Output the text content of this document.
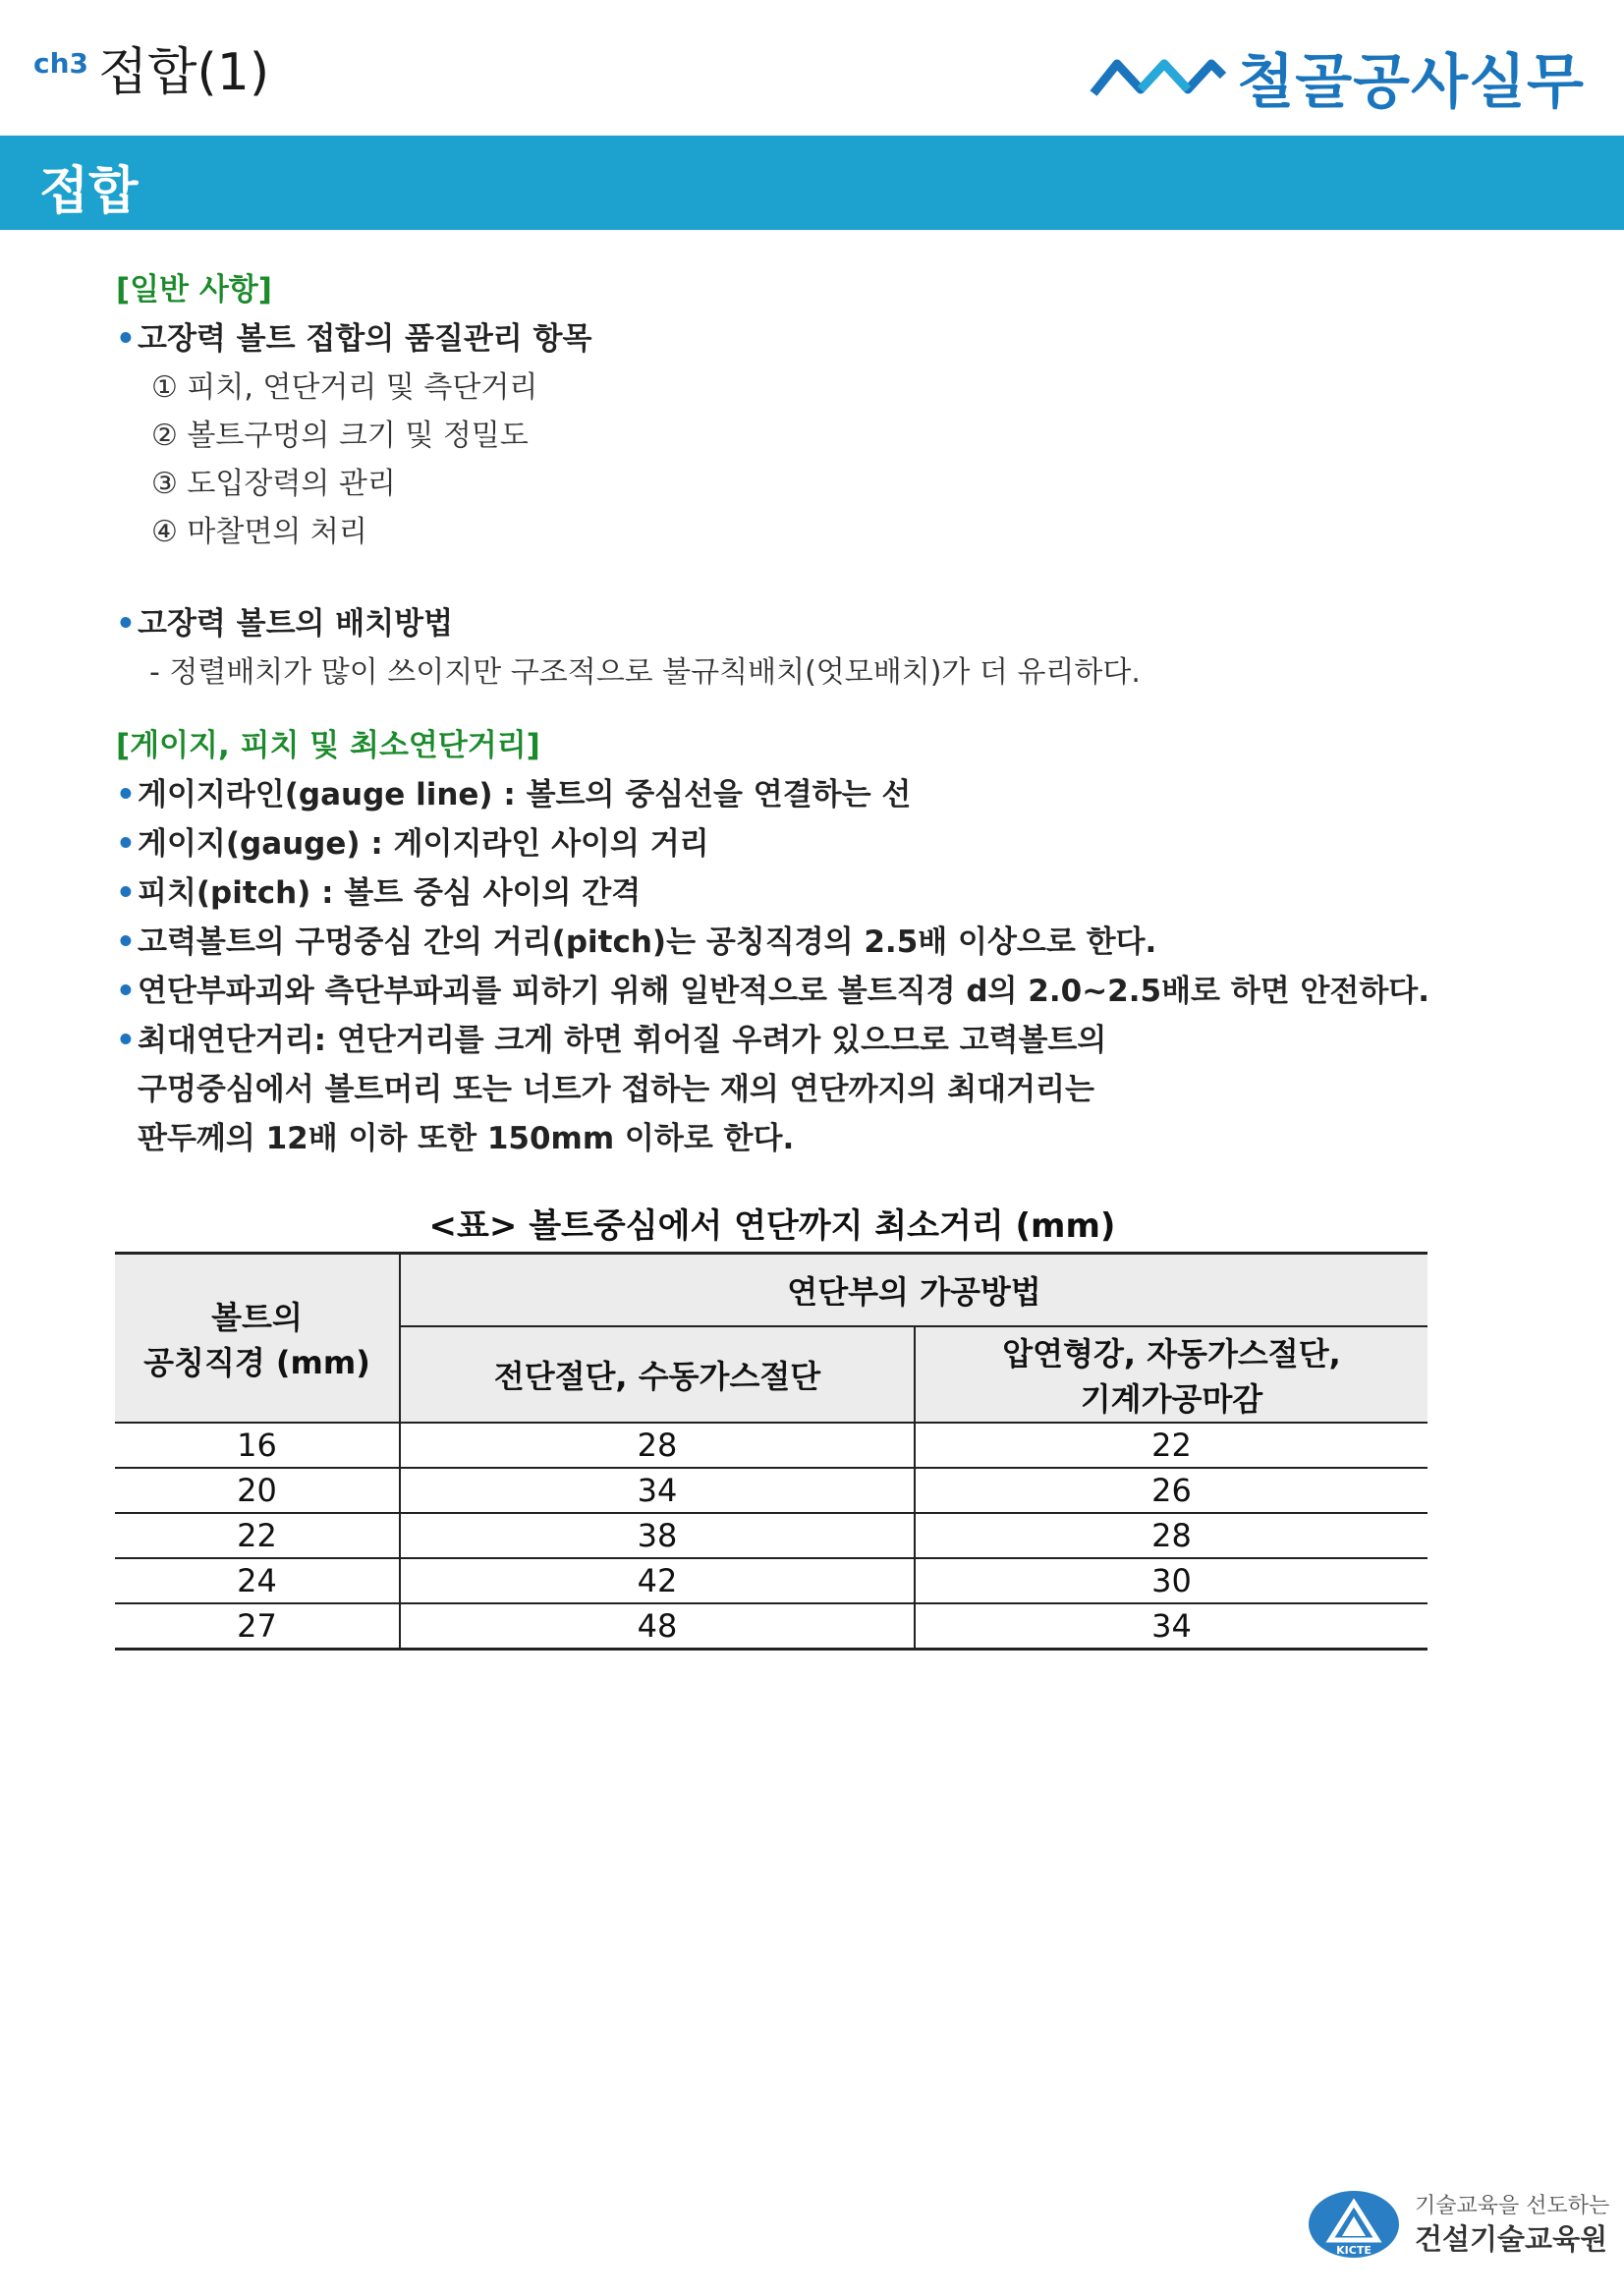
ch3 접합(1)	철골공사실무
접합
[일반 사항]
• 고장력 볼트 접합의 품질관리 항목
① 피치, 연단거리 및 측단거리
② 볼트구멍의 크기 및 정밀도
③ 도입장력의 관리
④ 마찰면의 처리
• 고장력 볼트의 배치방법
- 정렬배치가 많이 쓰이지만 구조적으로 불규칙배치(엇모배치)가 더 유리하다.
[게이지, 피치 및 최소연단거리]
• 게이지라인(gauge line) : 볼트의 중심선을 연결하는 선
• 게이지(gauge) : 게이지라인 사이의 거리
• 피치(pitch) : 볼트 중심 사이의 간격
• 고력볼트의 구멍중심 간의 거리(pitch)는 공칭직경의 2.5배 이상으로 한다.
• 연단부파괴와 측단부파괴를 피하기 위해 일반적으로 볼트직경 d의 2.0~2.5배로 하면 안전하다.
• 최대연단거리: 연단거리를 크게 하면 휘어질 우려가 있으므로 고력볼트의
구멍중심에서 볼트머리 또는 너트가 접하는 재의 연단까지의 최대거리는
판두께의 12배 이하 또한 150mm 이하로 한다.
<표> 볼트중심에서 연단까지 최소거리 (mm)
볼트의
공칭직경 (mm)	연단부의 가공방법	
	전단절단, 수동가스절단	압연형강, 자동가스절단,
기계가공마감

16	28	22
20	34	26
22	38	28
24	42	30
27	48	34
KICTE
기술교육을 선도하는
건설기술교육원
